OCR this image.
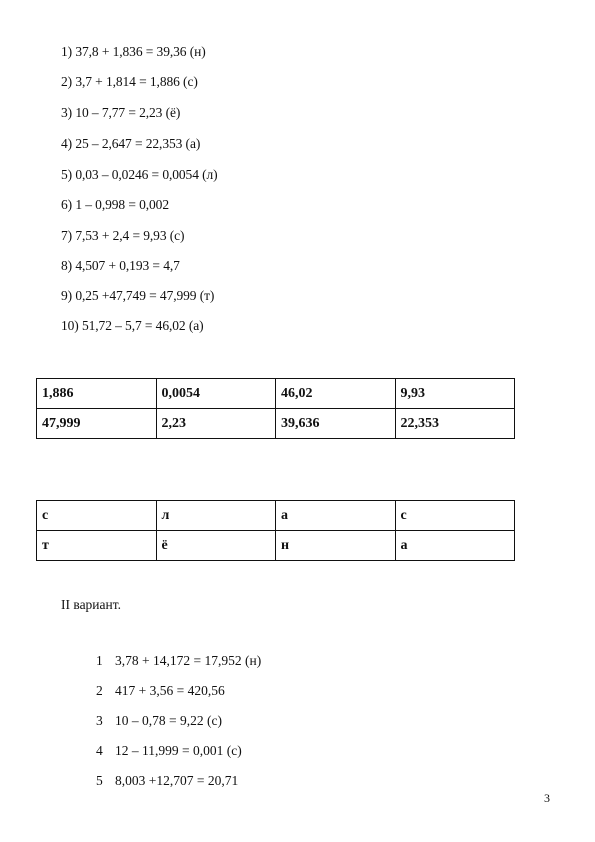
1) 37,8 + 1,836 = 39,36 (н)
2) 3,7 + 1,814 = 1,886 (с)
3) 10 – 7,77 = 2,23 (ё)
4) 25 – 2,647 = 22,353 (а)
5) 0,03 – 0,0246 = 0,0054 (л)
6) 1 – 0,998 = 0,002
7) 7,53 + 2,4 = 9,93 (с)
8) 4,507 + 0,193 = 4,7
9) 0,25 +47,749 = 47,999 (т)
10) 51,72 – 5,7 = 46,02 (а)
1,886	0,0054	46,02	9,93
47,999	2,23	39,636	22,353
с	л	а	с
т	ё	н	а
II вариант.
1 3,78 + 14,172 = 17,952 (н)
2 417 + 3,56 = 420,56
3 10 – 0,78 = 9,22 (с)
4 12 – 11,999 = 0,001 (с)
5 8,003 +12,707 = 20,71
3
